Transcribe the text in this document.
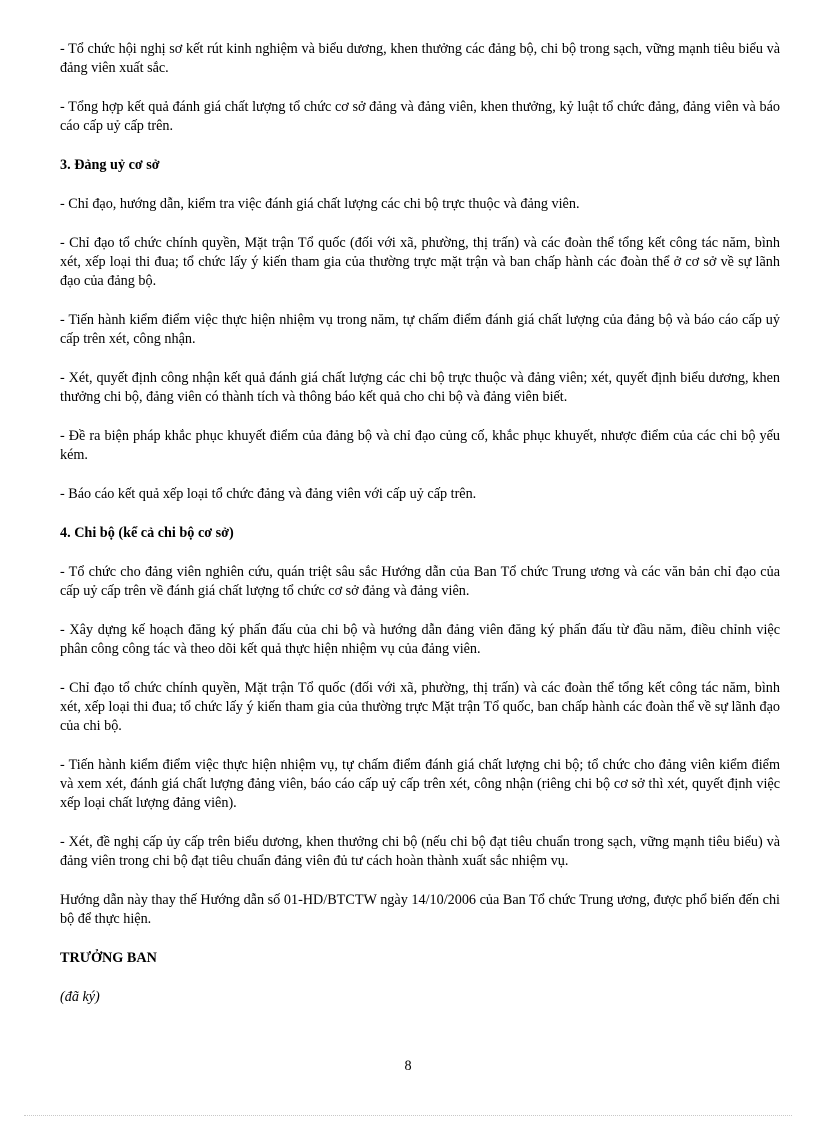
- Tổ chức hội nghị sơ kết rút kinh nghiệm và biểu dương, khen thưởng các đảng bộ, chi bộ trong sạch, vững mạnh tiêu biểu và đảng viên xuất sắc.

- Tổng hợp kết quả đánh giá chất lượng tổ chức cơ sở đảng và đảng viên, khen thưởng, kỷ luật tổ chức đảng, đảng viên và báo cáo cấp uỷ cấp trên.

3. Đảng uỷ cơ sở

- Chỉ đạo, hướng dẫn, kiểm tra việc đánh giá chất lượng các chi bộ trực thuộc và đảng viên.

- Chỉ đạo tổ chức chính quyền, Mặt trận Tổ quốc (đối với xã, phường, thị trấn) và các đoàn thể tổng kết công tác năm, bình xét, xếp loại thi đua; tổ chức lấy ý kiến tham gia của thường trực mặt trận và ban chấp hành các đoàn thể ở cơ sở về sự lãnh đạo của đảng bộ.

- Tiến hành kiểm điểm việc thực hiện nhiệm vụ trong năm, tự chấm điểm đánh giá chất lượng của đảng bộ và báo cáo cấp uỷ cấp trên xét, công nhận.

- Xét, quyết định công nhận kết quả đánh giá chất lượng các chi bộ trực thuộc và đảng viên; xét, quyết định biểu dương, khen thưởng chi bộ, đảng viên có thành tích và thông báo kết quả cho chi bộ và đảng viên biết.

- Đề ra biện pháp khắc phục khuyết điểm của đảng bộ và chỉ đạo củng cố, khắc phục khuyết, nhược điểm của các chi bộ yếu kém.

- Báo cáo kết quả xếp loại tổ chức đảng và đảng viên với cấp uỷ cấp trên.

4. Chi bộ (kể cả chi bộ cơ sở)

- Tổ chức cho đảng viên nghiên cứu, quán triệt sâu sắc Hướng dẫn của Ban Tổ chức Trung ương và các văn bản chỉ đạo của cấp uỷ cấp trên về đánh giá chất lượng tổ chức cơ sở đảng và đảng viên.

- Xây dựng kế hoạch đăng ký phấn đấu của chi bộ và hướng dẫn đảng viên đăng ký phấn đấu từ đầu năm, điều chỉnh việc phân công công tác và theo dõi kết quả thực hiện nhiệm vụ của đảng viên.

- Chỉ đạo tổ chức chính quyền, Mặt trận Tổ quốc (đối với xã, phường, thị trấn) và các đoàn thể tổng kết công tác năm, bình xét, xếp loại thi đua; tổ chức lấy ý kiến tham gia của thường trực Mặt trận Tổ quốc, ban chấp hành các đoàn thể về sự lãnh đạo của chi bộ.

- Tiến hành kiểm điểm việc thực hiện nhiệm vụ, tự chấm điểm đánh giá chất lượng chi bộ; tổ chức cho đảng viên kiểm điểm và xem xét, đánh giá chất lượng đảng viên, báo cáo cấp uỷ cấp trên xét, công nhận (riêng chi bộ cơ sở thì xét, quyết định việc xếp loại chất lượng đảng viên).

- Xét, đề nghị cấp ủy cấp trên biểu dương, khen thưởng chi bộ (nếu chi bộ đạt tiêu chuẩn trong sạch, vững mạnh tiêu biểu) và đảng viên trong chi bộ đạt tiêu chuẩn đảng viên đủ tư cách hoàn thành xuất sắc nhiệm vụ.

Hướng dẫn này thay thế Hướng dẫn số 01-HD/BTCTW ngày 14/10/2006 của Ban Tổ chức Trung ương, được phổ biến đến chi bộ để thực hiện.

TRƯỞNG BAN
(đã ký)
8
